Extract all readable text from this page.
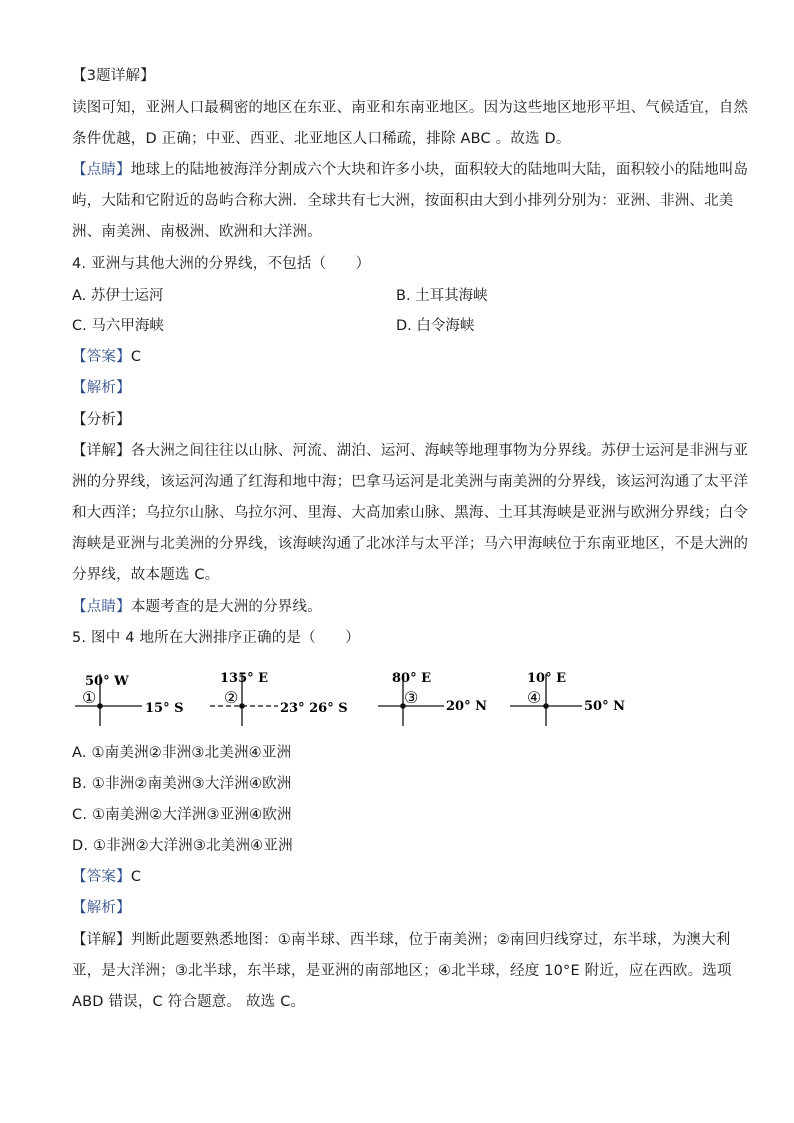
【3题详解】
读图可知，亚洲人口最稠密的地区在东亚、南亚和东南亚地区。因为这些地区地形平坦、气候适宜，自然
条件优越，D 正确；中亚、西亚、北亚地区人口稀疏，排除 ABC 。故选 D。
【点睛】地球上的陆地被海洋分割成六个大块和许多小块，面积较大的陆地叫大陆，面积较小的陆地叫岛
屿，大陆和它附近的岛屿合称大洲．全球共有七大洲，按面积由大到小排列分别为：亚洲、非洲、北美
洲、南美洲、南极洲、欧洲和大洋洲。
4. 亚洲与其他大洲的分界线，不包括（　　）
A. 苏伊士运河	B. 土耳其海峡
C. 马六甲海峡	D. 白令海峡
【答案】C
【解析】
【分析】
【详解】各大洲之间往往以山脉、河流、湖泊、运河、海峡等地理事物为分界线。苏伊士运河是非洲与亚
洲的分界线，该运河沟通了红海和地中海；巴拿马运河是北美洲与南美洲的分界线，该运河沟通了太平洋
和大西洋；乌拉尔山脉、乌拉尔河、里海、大高加索山脉、黑海、土耳其海峡是亚洲与欧洲分界线；白令
海峡是亚洲与北美洲的分界线，该海峡沟通了北冰洋与太平洋；马六甲海峡位于东南亚地区，不是大洲的
分界线，故本题选 C。
【点睛】本题考查的是大洲的分界线。
5. 图中 4 地所在大洲排序正确的是（　　）
50° W
①
15° S
135° E
②
23° 26° S
80° E
③ 20° N
10° E
④	50° N
A. ①南美洲②非洲③北美洲④亚洲
B. ①非洲②南美洲③大洋洲④欧洲
C. ①南美洲②大洋洲③亚洲④欧洲
D. ①非洲②大洋洲③北美洲④亚洲
【答案】C
【解析】
【详解】判断此题要熟悉地图：①南半球、西半球，位于南美洲；②南回归线穿过，东半球，为澳大利
亚，是大洋洲；③北半球，东半球，是亚洲的南部地区；④北半球，经度 10°E 附近，应在西欧。选项
ABD 错误，C 符合题意。 故选 C。
